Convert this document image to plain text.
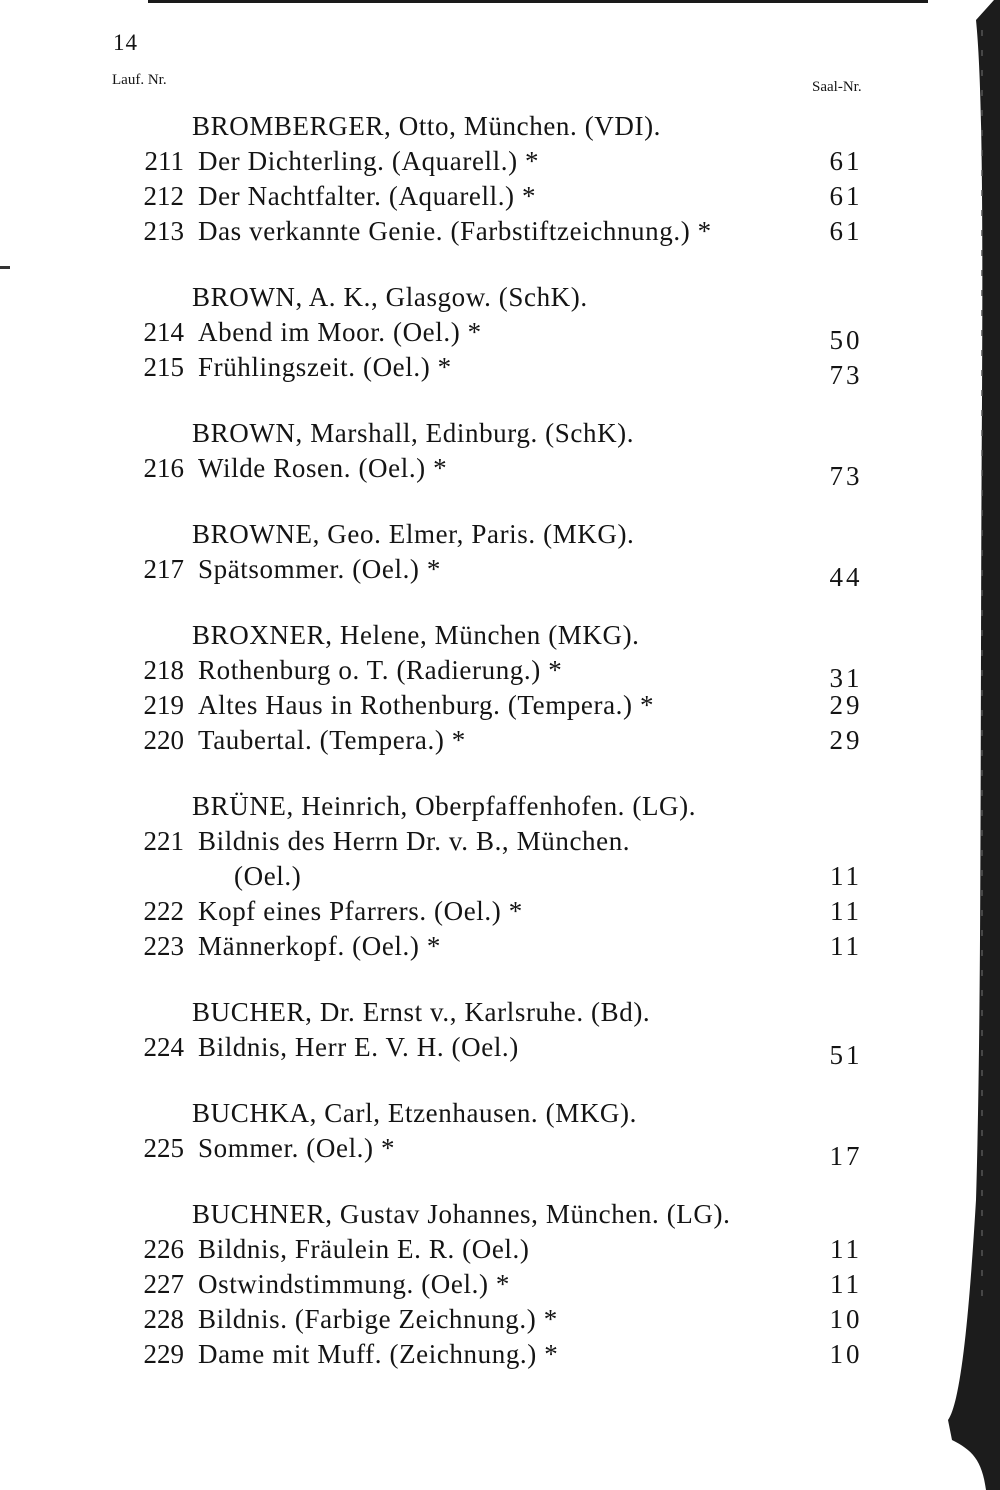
14
Lauf. Nr.	Saal-Nr.
BROMBERGER, Otto, München. (VDI).
211 Der Dichterling. (Aquarell.) *	61
212 Der Nachtfalter. (Aquarell.) *	61
213 Das verkannte Genie. (Farbstiftzeichnung.) *	61
BROWN, A. K., Glasgow. (SchK).
214 Abend im Moor. (Oel.) *	50
215 Frühlingszeit. (Oel.) *	73
BROWN, Marshall, Edinburg. (SchK).
216 Wilde Rosen. (Oel.) *	73
BROWNE, Geo. Elmer, Paris. (MKG).
217 Spätsommer. (Oel.) *	44
BROXNER, Helene, München (MKG).
218 Rothenburg o. T. (Radierung.) *	31
219 Altes Haus in Rothenburg. (Tempera.) *	29
220 Taubertal. (Tempera.) *	29
BRÜNE, Heinrich, Oberpfaffenhofen. (LG).
221 Bildnis des Herrn Dr. v. B., München.
(Oel.)	11
222 Kopf eines Pfarrers. (Oel.) *	11
223 Männerkopf. (Oel.) *	11
BUCHER, Dr. Ernst v., Karlsruhe. (Bd).
224 Bildnis, Herr E. V. H. (Oel.)	51
BUCHKA, Carl, Etzenhausen. (MKG).
225 Sommer. (Oel.) *	17
BUCHNER, Gustav Johannes, München. (LG).
226 Bildnis, Fräulein E. R. (Oel.)	11
227 Ostwindstimmung. (Oel.) *	11
228 Bildnis. (Farbige Zeichnung.) *	10
229 Dame mit Muff. (Zeichnung.) *	10
